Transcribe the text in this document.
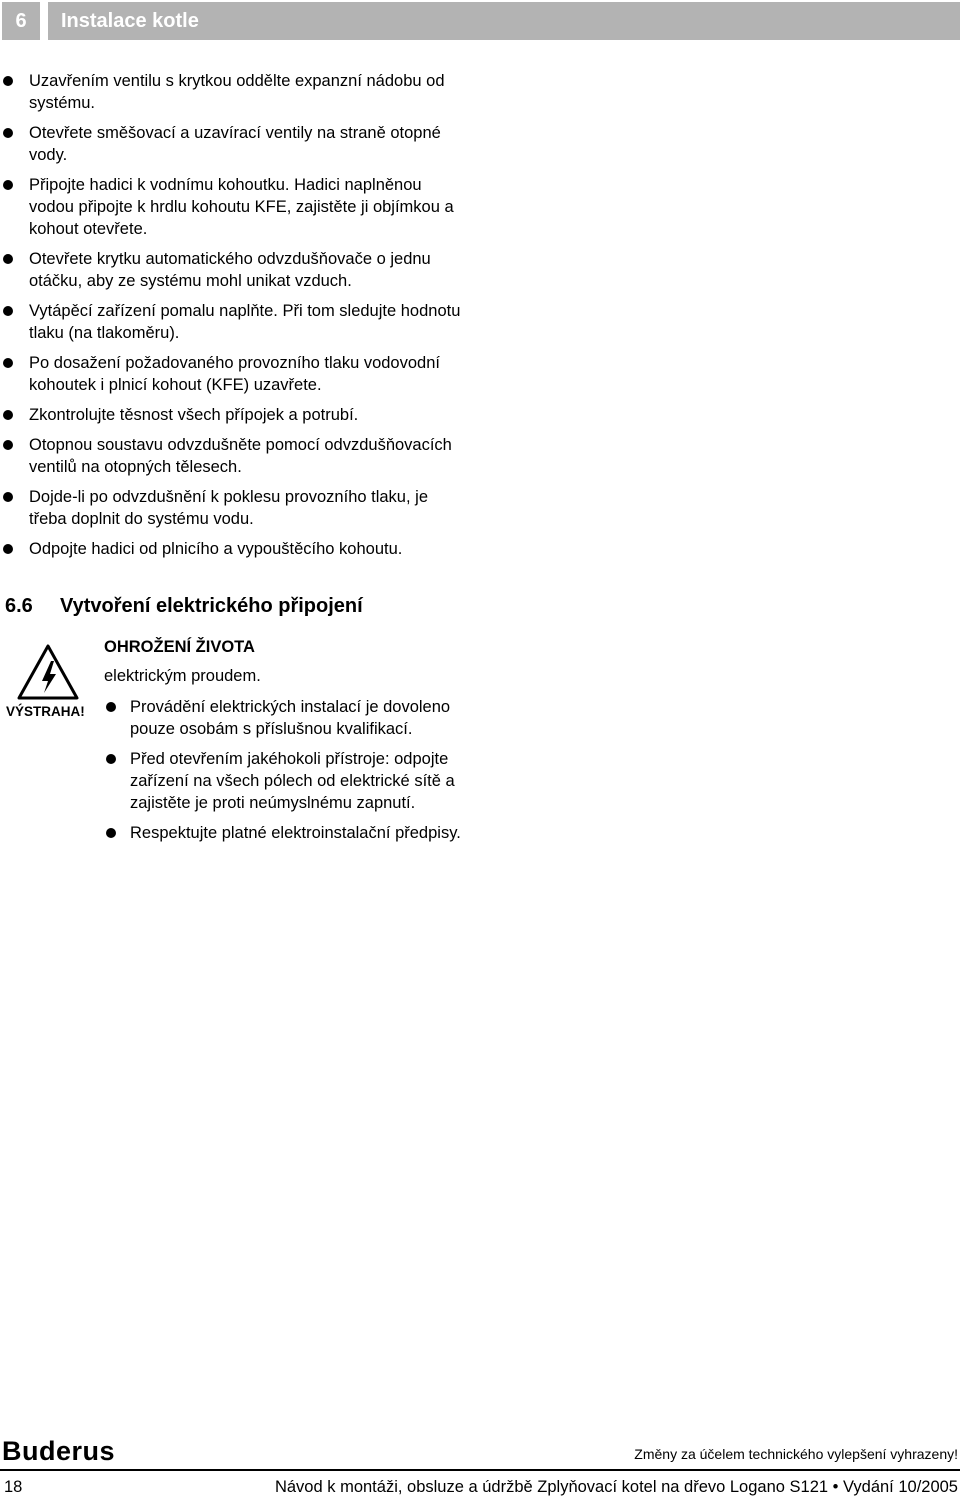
6	Instalace kotle
Uzavřením ventilu s krytkou oddělte expanzní nádobu od systému.
Otevřete směšovací a uzavírací ventily na straně otopné vody.
Připojte hadici k vodnímu kohoutku. Hadici naplněnou vodou připojte k hrdlu kohoutu KFE, zajistěte ji objímkou a kohout otevřete.
Otevřete krytku automatického odvzdušňovače o jednu otáčku, aby ze systému mohl unikat vzduch.
Vytápěcí zařízení pomalu naplňte. Při tom sledujte hodnotu tlaku (na tlakoměru).
Po dosažení požadovaného provozního tlaku vodovodní kohoutek i plnicí kohout (KFE) uzavřete.
Zkontrolujte těsnost všech přípojek a potrubí.
Otopnou soustavu odvzdušněte pomocí odvzdušňovacích ventilů na otopných tělesech.
Dojde-li po odvzdušnění k poklesu provozního tlaku, je třeba doplnit do systému vodu.
Odpojte hadici od plnicího a vypouštěcího kohoutu.
6.6 Vytvoření elektrického připojení
VÝSTRAHA!
OHROŽENÍ ŽIVOTA
elektrickým proudem.
Provádění elektrických instalací je dovoleno pouze osobám s příslušnou kvalifikací.
Před otevřením jakéhokoli přístroje: odpojte zařízení na všech pólech od elektrické sítě a zajistěte je proti neúmyslnému zapnutí.
Respektujte platné elektroinstalační předpisy.
Buderus	Změny za účelem technického vylepšení vyhrazeny!
18	Návod k montáži, obsluze a údržbě Zplyňovací kotel na dřevo Logano S121 • Vydání 10/2005
